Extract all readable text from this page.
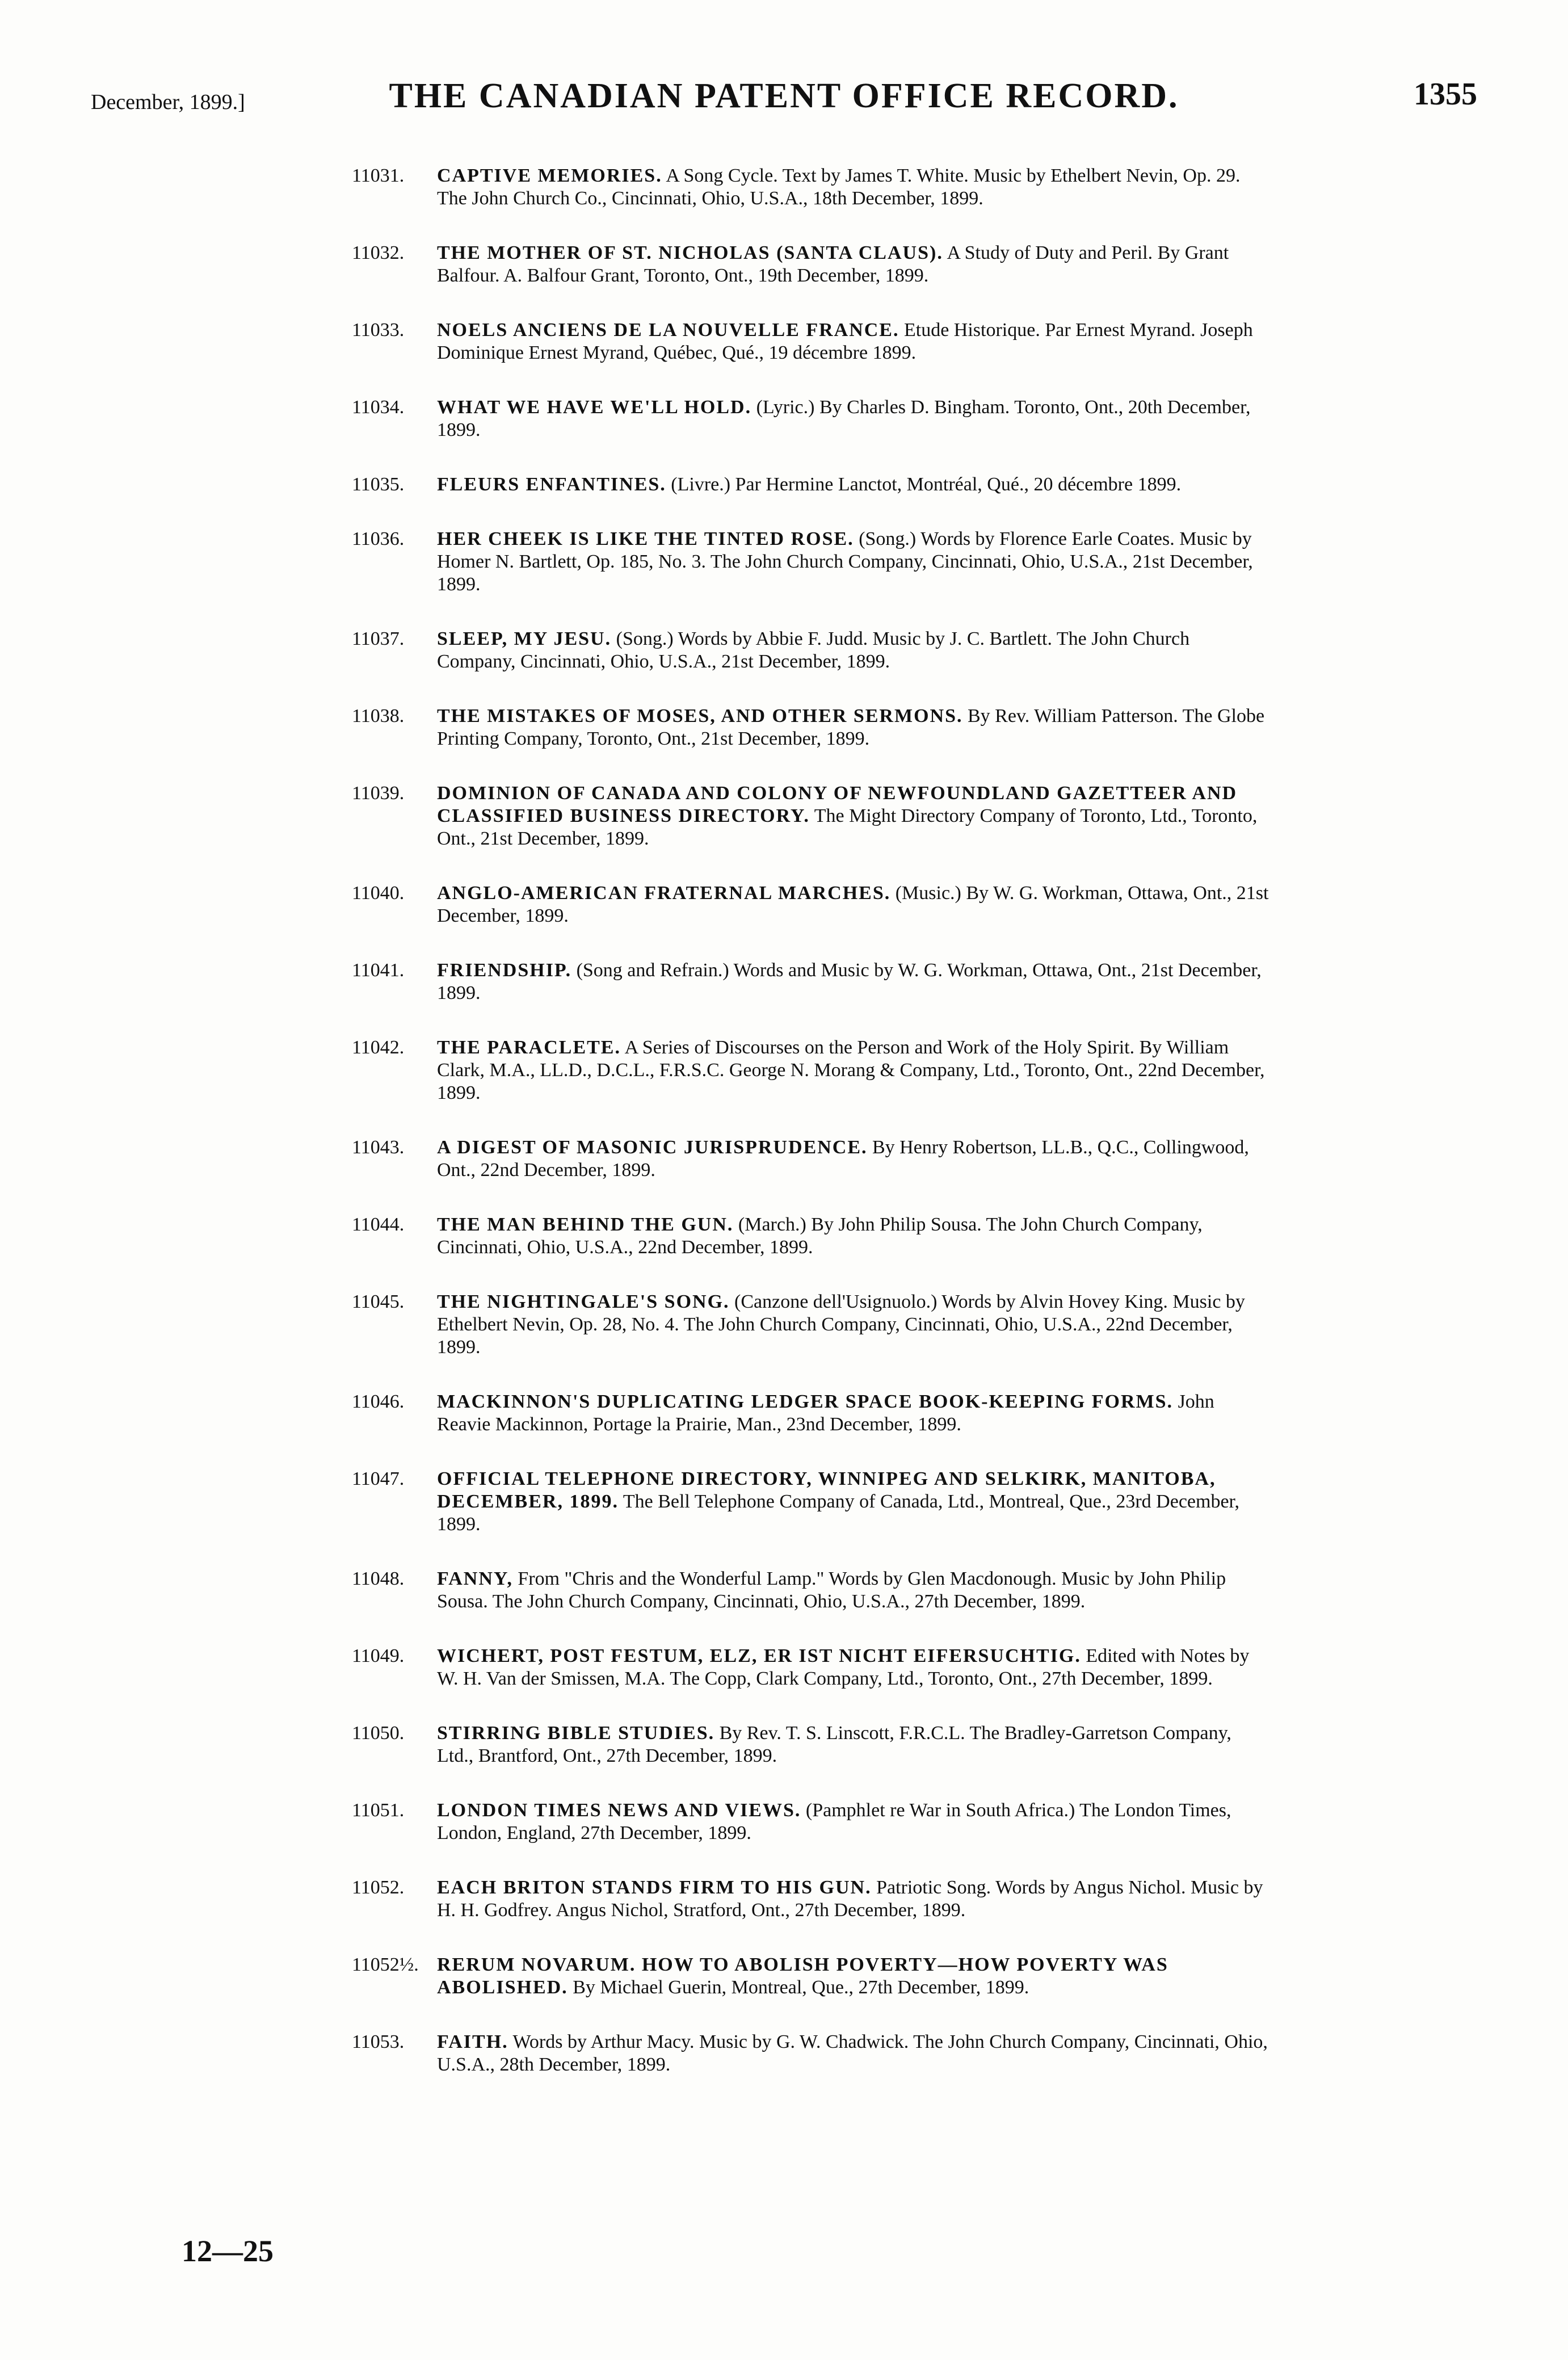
December, 1899.]	THE CANADIAN PATENT OFFICE RECORD.	1355
11031.	CAPTIVE MEMORIES. A Song Cycle. Text by James T. White. Music by Ethelbert Nevin, Op. 29. The John Church Co., Cincinnati, Ohio, U.S.A., 18th December, 1899.
11032.	THE MOTHER OF ST. NICHOLAS (SANTA CLAUS). A Study of Duty and Peril. By Grant Balfour. A. Balfour Grant, Toronto, Ont., 19th December, 1899.
11033.	NOELS ANCIENS DE LA NOUVELLE FRANCE. Etude Historique. Par Ernest Myrand. Joseph Dominique Ernest Myrand, Québec, Qué., 19 décembre 1899.
11034.	WHAT WE HAVE WE'LL HOLD. (Lyric.) By Charles D. Bingham. Toronto, Ont., 20th December, 1899.
11035.	FLEURS ENFANTINES. (Livre.) Par Hermine Lanctot, Montréal, Qué., 20 décembre 1899.
11036.	HER CHEEK IS LIKE THE TINTED ROSE. (Song.) Words by Florence Earle Coates. Music by Homer N. Bartlett, Op. 185, No. 3. The John Church Company, Cincinnati, Ohio, U.S.A., 21st December, 1899.
11037.	SLEEP, MY JESU. (Song.) Words by Abbie F. Judd. Music by J. C. Bartlett. The John Church Company, Cincinnati, Ohio, U.S.A., 21st December, 1899.
11038.	THE MISTAKES OF MOSES, AND OTHER SERMONS. By Rev. William Patterson. The Globe Printing Company, Toronto, Ont., 21st December, 1899.
11039.	DOMINION OF CANADA AND COLONY OF NEWFOUNDLAND GAZETTEER AND CLASSIFIED BUSINESS DIRECTORY. The Might Directory Company of Toronto, Ltd., Toronto, Ont., 21st December, 1899.
11040.	ANGLO-AMERICAN FRATERNAL MARCHES. (Music.) By W. G. Workman, Ottawa, Ont., 21st December, 1899.
11041.	FRIENDSHIP. (Song and Refrain.) Words and Music by W. G. Workman, Ottawa, Ont., 21st December, 1899.
11042.	THE PARACLETE. A Series of Discourses on the Person and Work of the Holy Spirit. By William Clark, M.A., LL.D., D.C.L., F.R.S.C. George N. Morang & Company, Ltd., Toronto, Ont., 22nd December, 1899.
11043.	A DIGEST OF MASONIC JURISPRUDENCE. By Henry Robertson, LL.B., Q.C., Collingwood, Ont., 22nd December, 1899.
11044.	THE MAN BEHIND THE GUN. (March.) By John Philip Sousa. The John Church Company, Cincinnati, Ohio, U.S.A., 22nd December, 1899.
11045.	THE NIGHTINGALE'S SONG. (Canzone dell'Usignuolo.) Words by Alvin Hovey King. Music by Ethelbert Nevin, Op. 28, No. 4. The John Church Company, Cincinnati, Ohio, U.S.A., 22nd December, 1899.
11046.	MACKINNON'S DUPLICATING LEDGER SPACE BOOK-KEEPING FORMS. John Reavie Mackinnon, Portage la Prairie, Man., 23nd December, 1899.
11047.	OFFICIAL TELEPHONE DIRECTORY, WINNIPEG AND SELKIRK, MANITOBA, DECEMBER, 1899. The Bell Telephone Company of Canada, Ltd., Montreal, Que., 23rd December, 1899.
11048.	FANNY, From "Chris and the Wonderful Lamp." Words by Glen Macdonough. Music by John Philip Sousa. The John Church Company, Cincinnati, Ohio, U.S.A., 27th December, 1899.
11049.	WICHERT, POST FESTUM, ELZ, ER IST NICHT EIFERSUCHTIG. Edited with Notes by W. H. Van der Smissen, M.A. The Copp, Clark Company, Ltd., Toronto, Ont., 27th December, 1899.
11050.	STIRRING BIBLE STUDIES. By Rev. T. S. Linscott, F.R.C.L. The Bradley-Garretson Company, Ltd., Brantford, Ont., 27th December, 1899.
11051.	LONDON TIMES NEWS AND VIEWS. (Pamphlet re War in South Africa.) The London Times, London, England, 27th December, 1899.
11052.	EACH BRITON STANDS FIRM TO HIS GUN. Patriotic Song. Words by Angus Nichol. Music by H. H. Godfrey. Angus Nichol, Stratford, Ont., 27th December, 1899.
11052½. RERUM NOVARUM. HOW TO ABOLISH POVERTY—HOW POVERTY WAS ABOLISHED. By Michael Guerin, Montreal, Que., 27th December, 1899.
11053.	FAITH. Words by Arthur Macy. Music by G. W. Chadwick. The John Church Company, Cincinnati, Ohio, U.S.A., 28th December, 1899.
12—25
